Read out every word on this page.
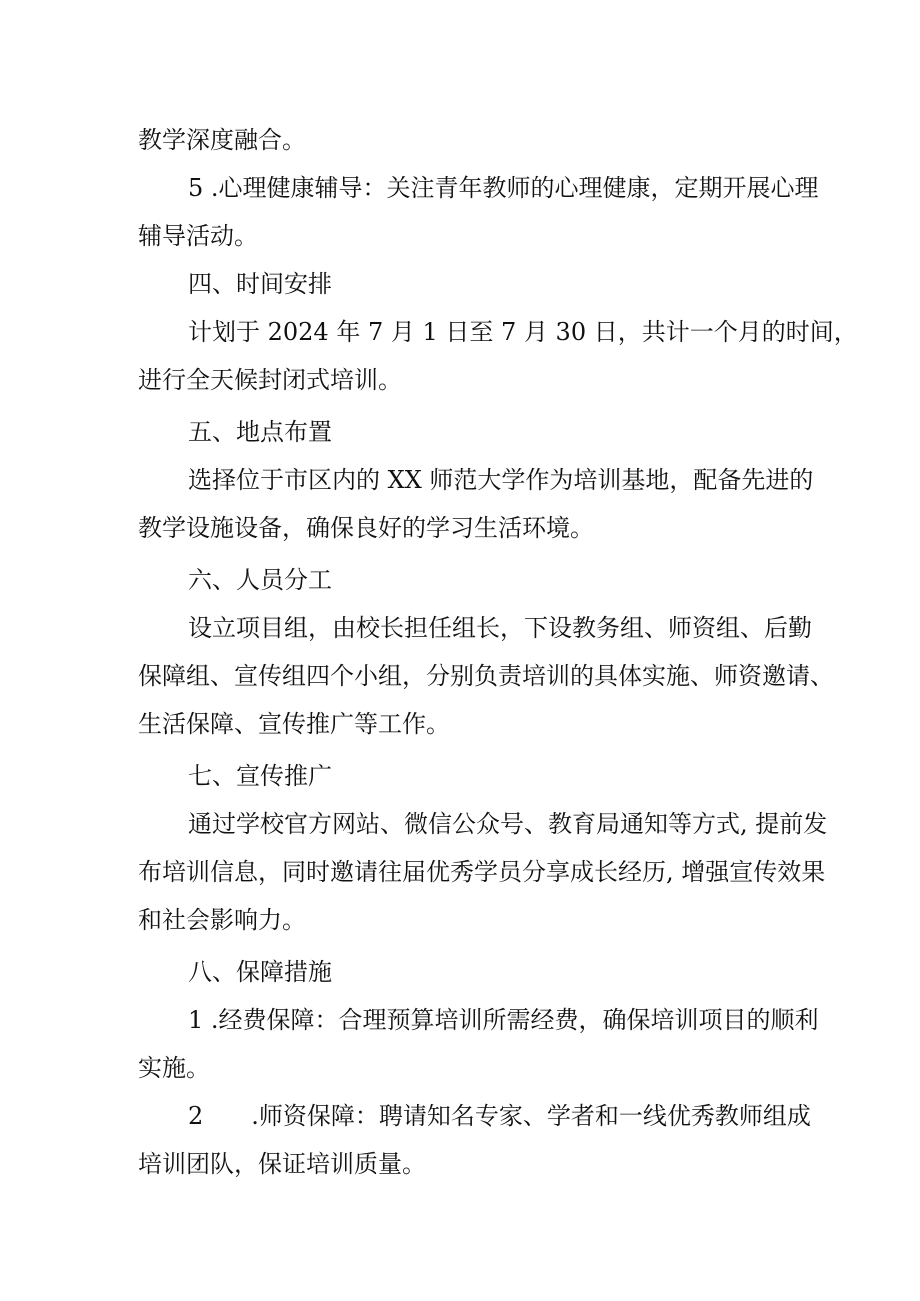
教学深度融合。
5 .心理健康辅导：关注青年教师的心理健康，定期开展心理
辅导活动。
四、时间安排
计划于 2024 年 7 月 1 日至 7 月 30 日，共计一个月的时间，
进行全天候封闭式培训。
五、地点布置
选择位于市区内的 XX 师范大学作为培训基地，配备先进的
教学设施设备，确保良好的学习生活环境。
六、人员分工
设立项目组，由校长担任组长，下设教务组、师资组、后勤
保障组、宣传组四个小组，分别负责培训的具体实施、师资邀请、
生活保障、宣传推广等工作。
七、宣传推广
通过学校官方网站、微信公众号、教育局通知等方式, 提前发
布培训信息，同时邀请往届优秀学员分享成长经历, 增强宣传效果
和社会影响力。
八、保障措施
1 .经费保障：合理预算培训所需经费，确保培训项目的顺利
实施。
2　　.师资保障：聘请知名专家、学者和一线优秀教师组成
培训团队，保证培训质量。
